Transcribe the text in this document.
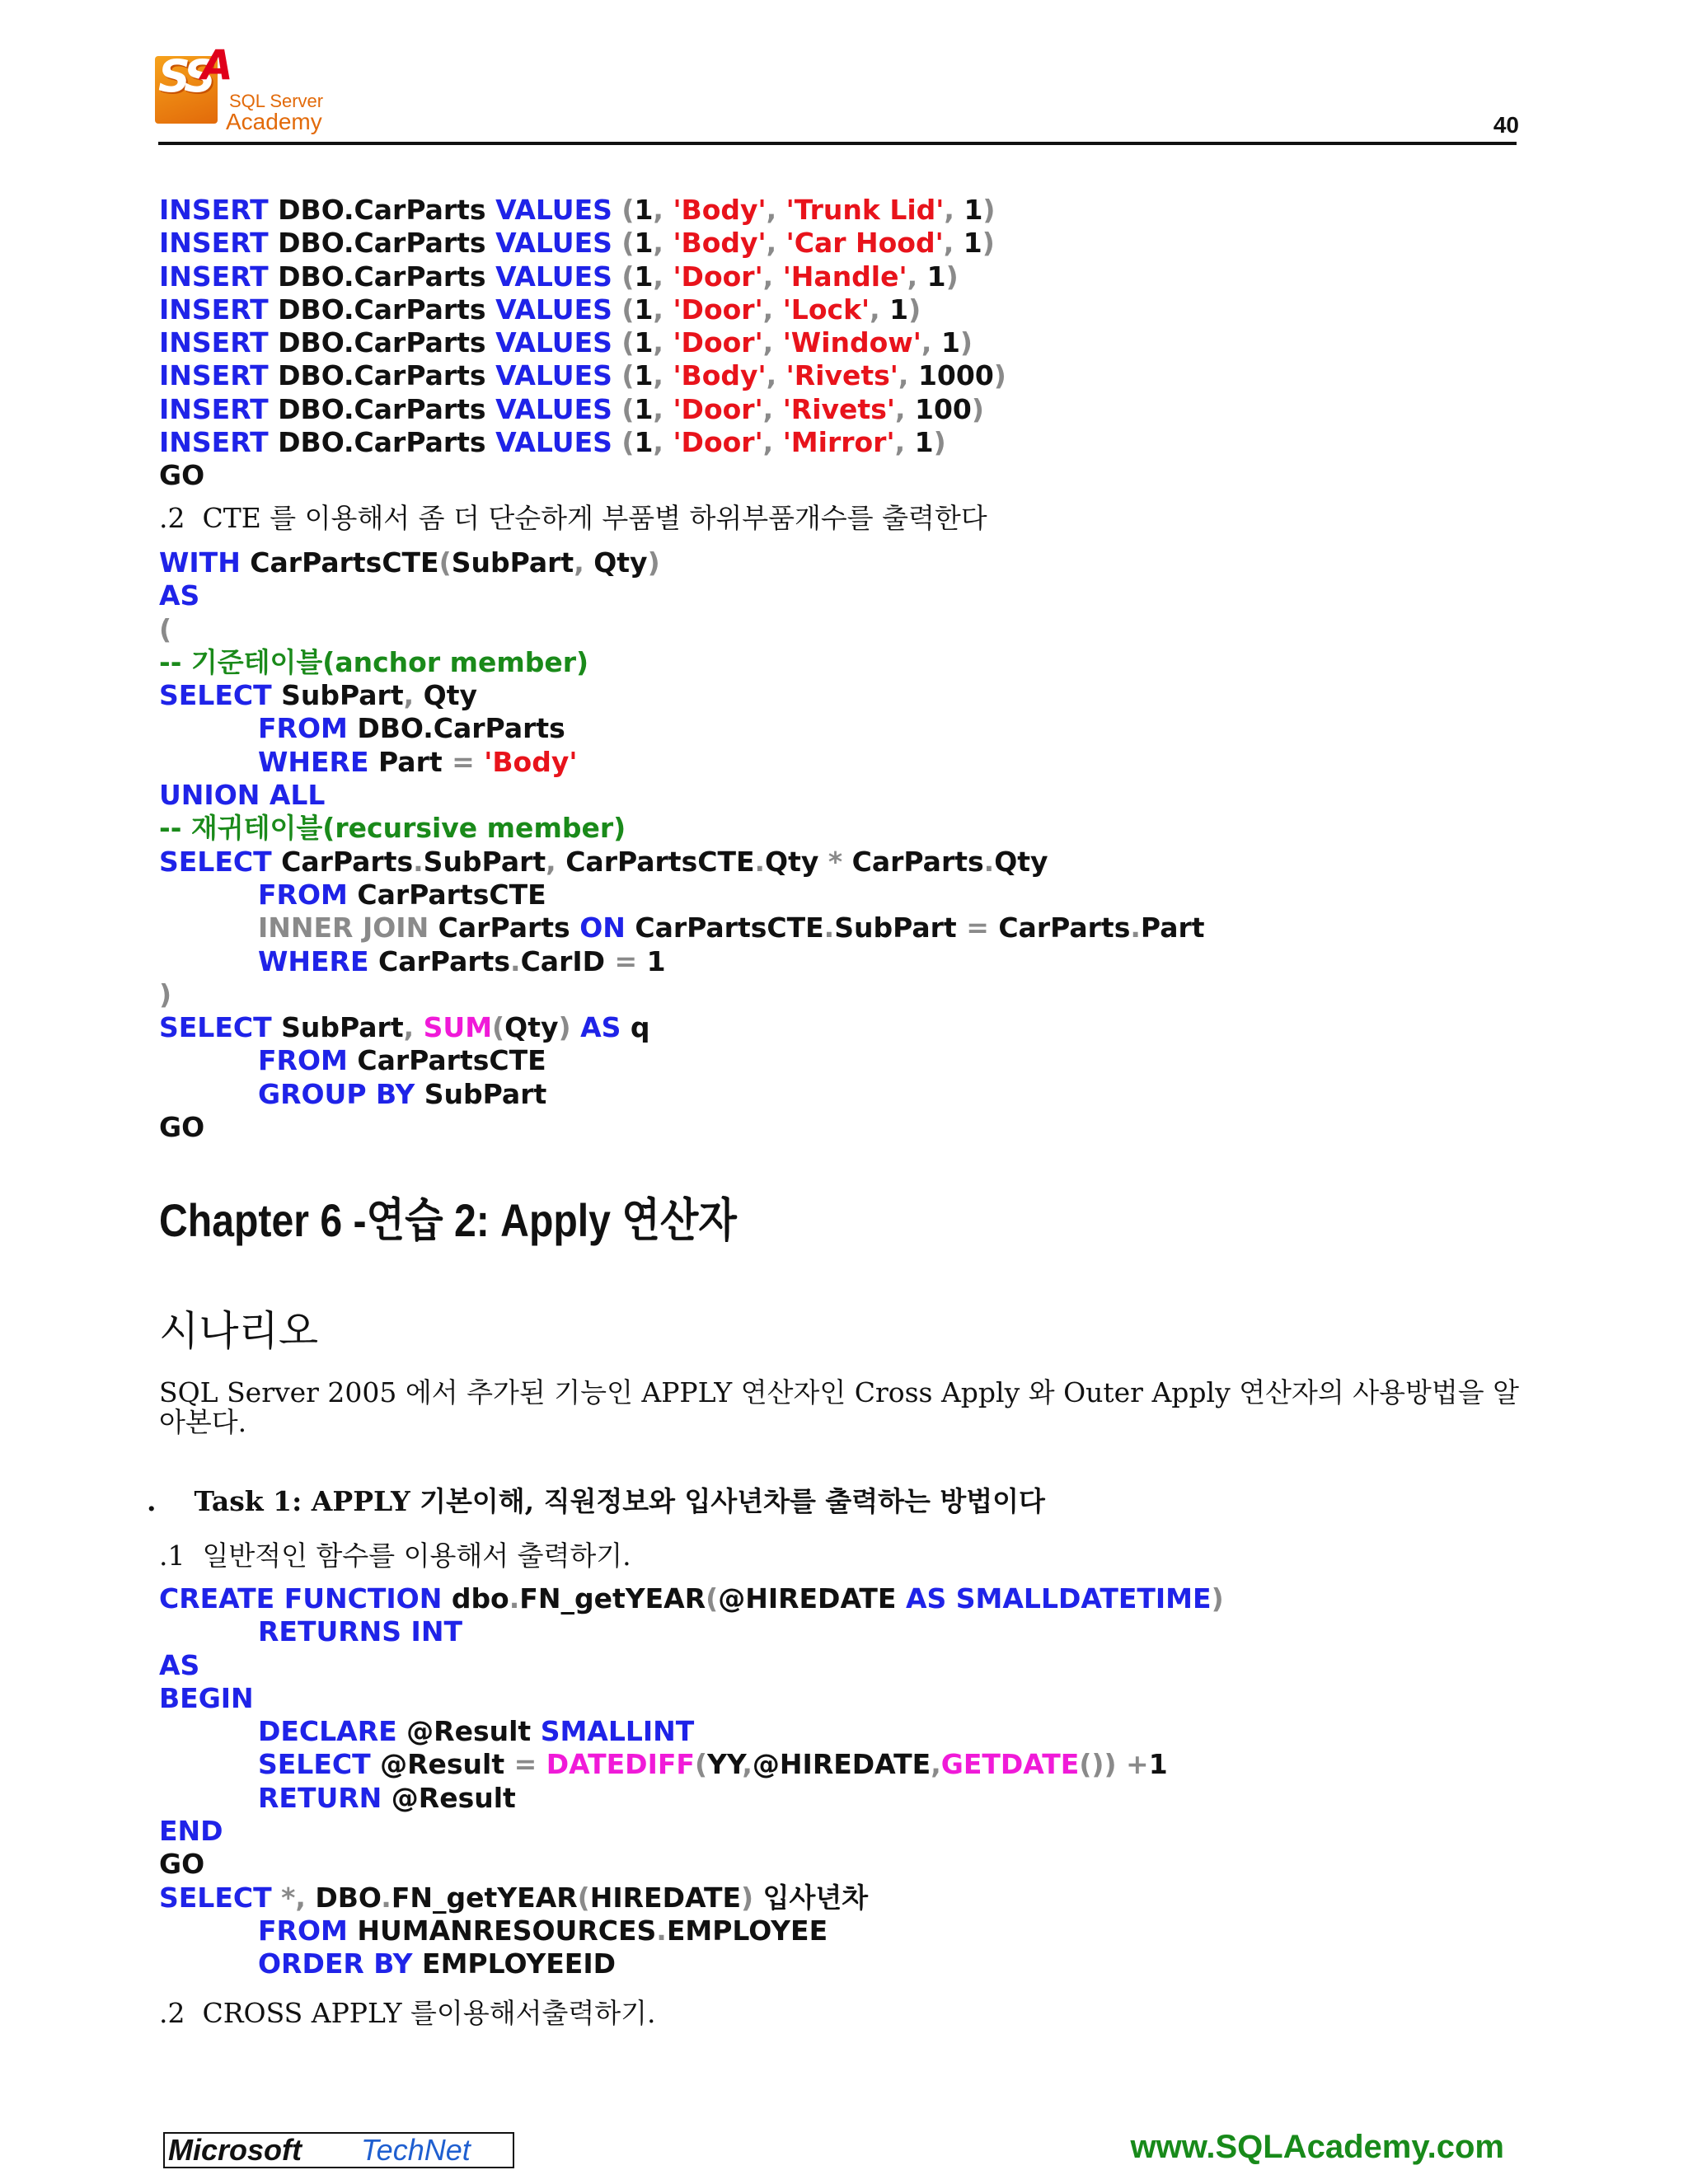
SS
A
SQL Server
Academy	40
INSERT DBO.CarParts VALUES (1, 'Body', 'Trunk Lid', 1)
INSERT DBO.CarParts VALUES (1, 'Body', 'Car Hood', 1)
INSERT DBO.CarParts VALUES (1, 'Door', 'Handle', 1)
INSERT DBO.CarParts VALUES (1, 'Door', 'Lock', 1)
INSERT DBO.CarParts VALUES (1, 'Door', 'Window', 1)
INSERT DBO.CarParts VALUES (1, 'Body', 'Rivets', 1000)
INSERT DBO.CarParts VALUES (1, 'Door', 'Rivets', 100)
INSERT DBO.CarParts VALUES (1, 'Door', 'Mirror', 1)
GO
.2  CTE 를 이용해서 좀 더 단순하게 부품별 하위부품개수를 출력한다
WITH CarPartsCTE(SubPart, Qty)
AS
(
-- 기준테이블(anchor member)
SELECT SubPart, Qty
FROM DBO.CarParts
WHERE Part = 'Body'
UNION ALL
-- 재귀테이블(recursive member)
SELECT CarParts.SubPart, CarPartsCTE.Qty * CarParts.Qty
FROM CarPartsCTE
INNER JOIN CarParts ON CarPartsCTE.SubPart = CarParts.Part
WHERE CarParts.CarID = 1
)
SELECT SubPart, SUM(Qty) AS q
FROM CarPartsCTE
GROUP BY SubPart
GO
Chapter 6 -연습 2: Apply 연산자
시나리오
SQL Server 2005 에서 추가된 기능인 APPLY 연산자인 Cross Apply 와 Outer Apply 연산자의 사용방법을 알아본다.
.    Task 1: APPLY 기본이해, 직원정보와 입사년차를 출력하는 방법이다
.1  일반적인 함수를 이용해서 출력하기.
CREATE FUNCTION dbo.FN_getYEAR(@HIREDATE AS SMALLDATETIME)
RETURNS INT
AS
BEGIN
DECLARE @Result SMALLINT
SELECT @Result = DATEDIFF(YY,@HIREDATE,GETDATE()) +1
RETURN @Result
END
GO
SELECT *, DBO.FN_getYEAR(HIREDATE) 입사년차
FROM HUMANRESOURCES.EMPLOYEE
ORDER BY EMPLOYEEID
.2  CROSS APPLY 를이용해서출력하기.
Microsoft TechNet	www.SQLAcademy.com
